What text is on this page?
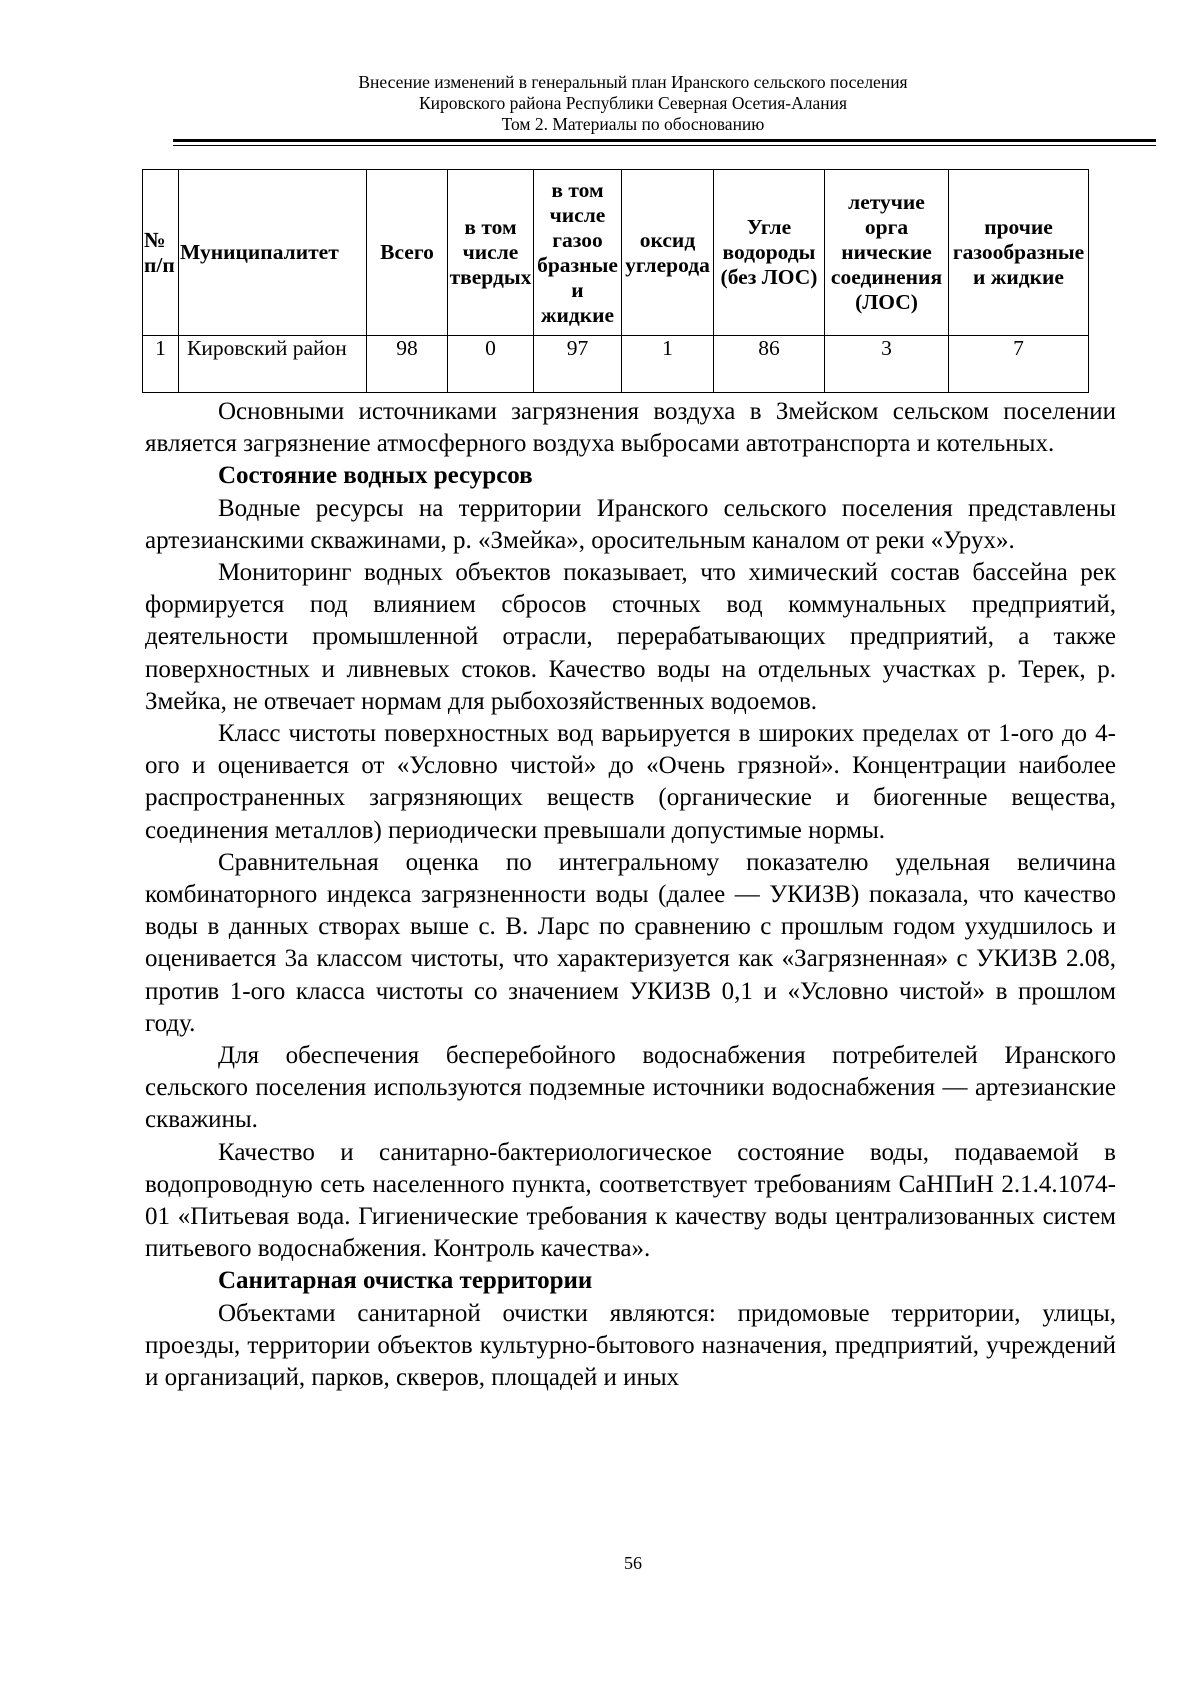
Внесение изменений в генеральный план Иранского сельского поселения
Кировского района Республики Северная Осетия-Алания
Том 2. Материалы по обоснованию
№ п/п	Муниципалитет	Всего	в том числе твердых	в том числе газоо бразные и жидкие	оксид углерода	Угле водороды (без ЛОС)	летучие орга нические соединения (ЛОС)	прочие газообразные и жидкие
1	Кировский район	98	0	97	1	86	3	7

Основными источниками загрязнения воздуха в Змейском сельском поселении является загрязнение атмосферного воздуха выбросами автотранспорта и котельных.

Состояние водных ресурсов

Водные ресурсы на территории Иранского сельского поселения представлены артезианскими скважинами, р. «Змейка», оросительным каналом от реки «Урух».

Мониторинг водных объектов показывает, что химический состав бассейна рек формируется под влиянием сбросов сточных вод коммунальных предприятий, деятельности промышленной отрасли, перерабатывающих предприятий, а также поверхностных и ливневых стоков. Качество воды на отдельных участках р. Терек, р. Змейка, не отвечает нормам для рыбохозяйственных водоемов.

Класс чистоты поверхностных вод варьируется в широких пределах от 1-ого до 4-ого и оценивается от «Условно чистой» до «Очень грязной». Концентрации наиболее распространенных загрязняющих веществ (органические и биогенные вещества, соединения металлов) периодически превышали допустимые нормы.

Сравнительная оценка по интегральному показателю удельная величина комбинаторного индекса загрязненности воды (далее — УКИЗВ) показала, что качество воды в данных створах выше с. В. Ларс по сравнению с прошлым годом ухудшилось и оценивается 3а классом чистоты, что характеризуется как «Загрязненная» с УКИЗВ 2.08, против 1-ого класса чистоты со значением УКИЗВ 0,1 и «Условно чистой» в прошлом году.

Для обеспечения бесперебойного водоснабжения потребителей Иранского сельского поселения используются подземные источники водоснабжения — артезианские скважины.

Качество и санитарно-бактериологическое состояние воды, подаваемой в водопроводную сеть населенного пункта, соответствует требованиям СаНПиН 2.1.4.1074-01 «Питьевая вода. Гигиенические требования к качеству воды централизованных систем питьевого водоснабжения. Контроль качества».

Санитарная очистка территории

Объектами санитарной очистки являются: придомовые территории, улицы, проезды, территории объектов культурно-бытового назначения, предприятий, учреждений и организаций, парков, скверов, площадей и иных

56
